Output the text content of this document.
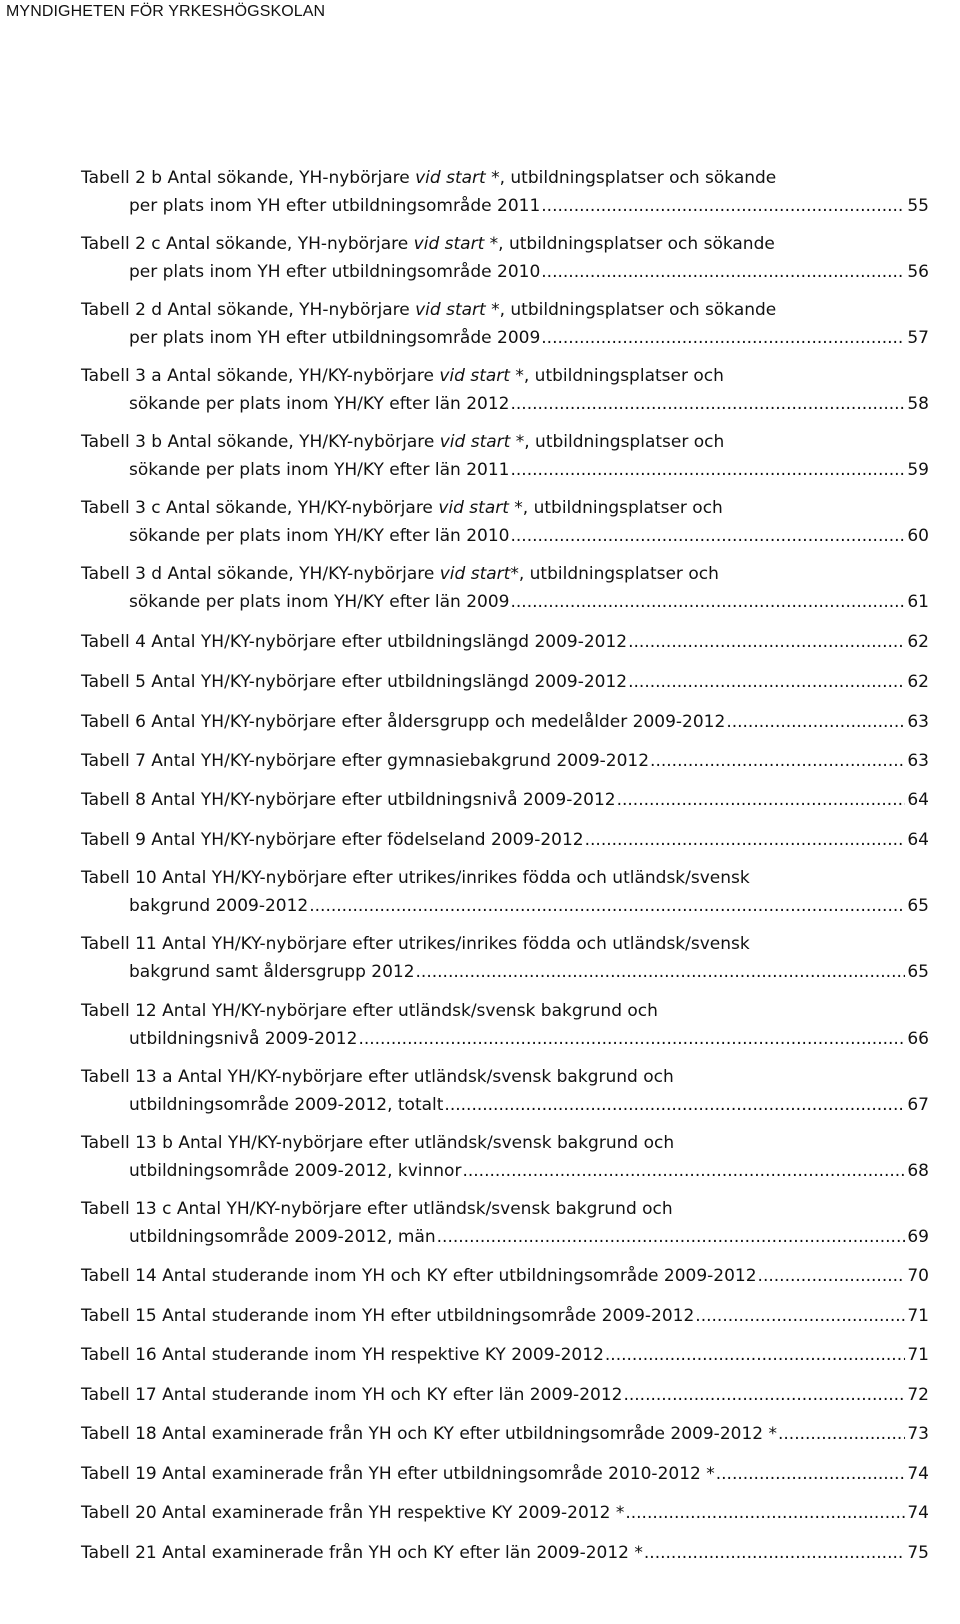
MYNDIGHETEN FÖR YRKESHÖGSKOLAN
Tabell 2 b Antal sökande, YH-nybörjare vid start *, utbildningsplatser och sökande
per plats inom YH efter utbildningsområde 2011 .....	55
Tabell 2 c Antal sökande, YH-nybörjare vid start *, utbildningsplatser och sökande
per plats inom YH efter utbildningsområde 2010 .....	56
Tabell 2 d Antal sökande, YH-nybörjare vid start *, utbildningsplatser och sökande
per plats inom YH efter utbildningsområde 2009 .....	57
Tabell 3 a Antal sökande, YH/KY-nybörjare vid start *, utbildningsplatser och
sökande per plats inom YH/KY efter län 2012 .....	58
Tabell 3 b Antal sökande, YH/KY-nybörjare vid start *, utbildningsplatser och
sökande per plats inom YH/KY efter län 2011 .....	59
Tabell 3 c Antal sökande, YH/KY-nybörjare vid start *, utbildningsplatser och
sökande per plats inom YH/KY efter län 2010 .....	60
Tabell 3 d Antal sökande, YH/KY-nybörjare vid start*, utbildningsplatser och
sökande per plats inom YH/KY efter län 2009 .....	61
Tabell 4 Antal YH/KY-nybörjare efter utbildningslängd 2009-2012 .....	62
Tabell 5 Antal YH/KY-nybörjare efter utbildningslängd 2009-2012 .....	62
Tabell 6 Antal YH/KY-nybörjare efter åldersgrupp och medelålder 2009-2012 .....	63
Tabell 7 Antal YH/KY-nybörjare efter gymnasiebakgrund 2009-2012 .....	63
Tabell 8 Antal YH/KY-nybörjare efter utbildningsnivå 2009-2012 .....	64
Tabell 9 Antal YH/KY-nybörjare efter födelseland 2009-2012 .....	64
Tabell 10 Antal YH/KY-nybörjare efter utrikes/inrikes födda och utländsk/svensk
bakgrund 2009-2012 .....	65
Tabell 11 Antal YH/KY-nybörjare efter utrikes/inrikes födda och utländsk/svensk
bakgrund samt åldersgrupp 2012 .....	65
Tabell 12 Antal YH/KY-nybörjare efter utländsk/svensk bakgrund och
utbildningsnivå 2009-2012 .....	66
Tabell 13 a Antal YH/KY-nybörjare efter utländsk/svensk bakgrund och
utbildningsområde 2009-2012, totalt .....	67
Tabell 13 b Antal YH/KY-nybörjare efter utländsk/svensk bakgrund och
utbildningsområde 2009-2012, kvinnor .....	68
Tabell 13 c Antal YH/KY-nybörjare efter utländsk/svensk bakgrund och
utbildningsområde 2009-2012, män .....	69
Tabell 14 Antal studerande inom YH och KY efter utbildningsområde 2009-2012 .....	70
Tabell 15 Antal studerande inom YH efter utbildningsområde 2009-2012 .....	71
Tabell 16 Antal studerande inom YH respektive KY 2009-2012 .....	71
Tabell 17 Antal studerande inom YH och KY efter län 2009-2012 .....	72
Tabell 18 Antal examinerade från YH och KY efter utbildningsområde 2009-2012 * .....	73
Tabell 19 Antal examinerade från YH efter utbildningsområde 2010-2012 * .....	74
Tabell 20 Antal examinerade från YH respektive KY 2009-2012 * .....	74
Tabell 21 Antal examinerade från YH och KY efter län 2009-2012 * .....	75
